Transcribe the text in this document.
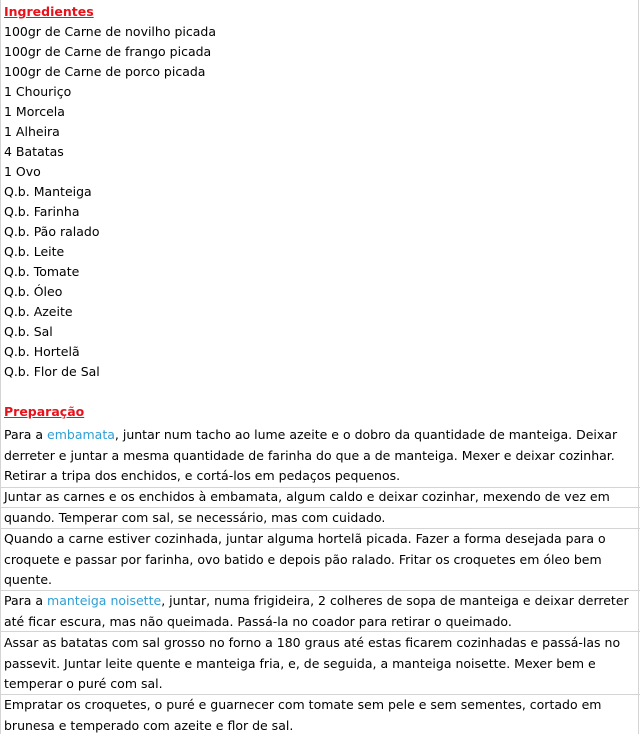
Ingredientes
100gr de Carne de novilho picada
100gr de Carne de frango picada
100gr de Carne de porco picada
1 Chouriço
1 Morcela
1 Alheira
4 Batatas
1 Ovo
Q.b. Manteiga
Q.b. Farinha
Q.b. Pão ralado
Q.b. Leite
Q.b. Tomate
Q.b. Óleo
Q.b. Azeite
Q.b. Sal
Q.b. Hortelã
Q.b. Flor de Sal
Preparação

Para a embamata, juntar num tacho ao lume azeite e o dobro da quantidade de manteiga. Deixar derreter e juntar a mesma quantidade de farinha do que a de manteiga. Mexer e deixar cozinhar.

Retirar a tripa dos enchidos, e cortá-los em pedaços pequenos.

Juntar as carnes e os enchidos à embamata, algum caldo e deixar cozinhar, mexendo de vez em quando. Temperar com sal, se necessário, mas com cuidado.

Quando a carne estiver cozinhada, juntar alguma hortelã picada. Fazer a forma desejada para o croquete e passar por farinha, ovo batido e depois pão ralado. Fritar os croquetes em óleo bem quente.

Para a manteiga noisette, juntar, numa frigideira, 2 colheres de sopa de manteiga e deixar derreter até ficar escura, mas não queimada. Passá-la no coador para retirar o queimado.

Assar as batatas com sal grosso no forno a 180 graus até estas ficarem cozinhadas e passá-las no passevit. Juntar leite quente e manteiga fria, e, de seguida, a manteiga noisette. Mexer bem e temperar o puré com sal.

Empratar os croquetes, o puré e guarnecer com tomate sem pele e sem sementes, cortado em brunesa e temperado com azeite e flor de sal.
